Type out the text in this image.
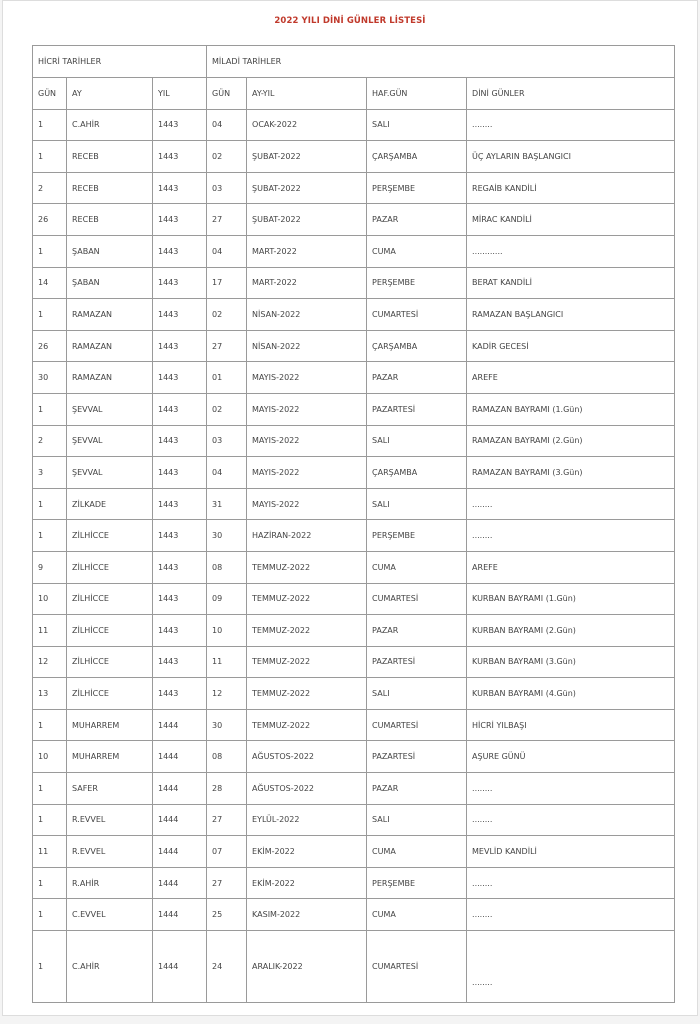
2022 YILI DİNİ GÜNLER LİSTESİ
HİCRİ TARİHLER			MİLADİ TARİHLER			
GÜN	AY	YIL	GÜN	AY-YIL	HAF.GÜN	DİNİ GÜNLER
1	C.AHİR	1443	04	OCAK-2022	SALI	........
1	RECEB	1443	02	ŞUBAT-2022	ÇARŞAMBA	ÜÇ AYLARIN BAŞLANGICI
2	RECEB	1443	03	ŞUBAT-2022	PERŞEMBE	REGAİB KANDİLİ
26	RECEB	1443	27	ŞUBAT-2022	PAZAR	MİRAC KANDİLİ
1	ŞABAN	1443	04	MART-2022	CUMA	............
14	ŞABAN	1443	17	MART-2022	PERŞEMBE	BERAT KANDİLİ
1	RAMAZAN	1443	02	NİSAN-2022	CUMARTESİ	RAMAZAN BAŞLANGICI
26	RAMAZAN	1443	27	NİSAN-2022	ÇARŞAMBA	KADİR GECESİ
30	RAMAZAN	1443	01	MAYIS-2022	PAZAR	AREFE
1	ŞEVVAL	1443	02	MAYIS-2022	PAZARTESİ	RAMAZAN BAYRAMI (1.Gün)
2	ŞEVVAL	1443	03	MAYIS-2022	SALI	RAMAZAN BAYRAMI (2.Gün)
3	ŞEVVAL	1443	04	MAYIS-2022	ÇARŞAMBA	RAMAZAN BAYRAMI (3.Gün)
1	ZİLKADE	1443	31	MAYIS-2022	SALI	........
1	ZİLHİCCE	1443	30	HAZİRAN-2022	PERŞEMBE	........
9	ZİLHİCCE	1443	08	TEMMUZ-2022	CUMA	AREFE
10	ZİLHİCCE	1443	09	TEMMUZ-2022	CUMARTESİ	KURBAN BAYRAMI (1.Gün)
11	ZİLHİCCE	1443	10	TEMMUZ-2022	PAZAR	KURBAN BAYRAMI (2.Gün)
12	ZİLHİCCE	1443	11	TEMMUZ-2022	PAZARTESİ	KURBAN BAYRAMI (3.Gün)
13	ZİLHİCCE	1443	12	TEMMUZ-2022	SALI	KURBAN BAYRAMI (4.Gün)
1	MUHARREM	1444	30	TEMMUZ-2022	CUMARTESİ	HİCRİ YILBAŞI
10	MUHARREM	1444	08	AĞUSTOS-2022	PAZARTESİ	AŞURE GÜNÜ
1	SAFER	1444	28	AĞUSTOS-2022	PAZAR	........
1	R.EVVEL	1444	27	EYLÜL-2022	SALI	........
11	R.EVVEL	1444	07	EKİM-2022	CUMA	MEVLİD KANDİLİ
1	R.AHİR	1444	27	EKİM-2022	PERŞEMBE	........
1	C.EVVEL	1444	25	KASIM-2022	CUMA	........
1	C.AHİR	1444	24	ARALIK-2022	CUMARTESİ	........
